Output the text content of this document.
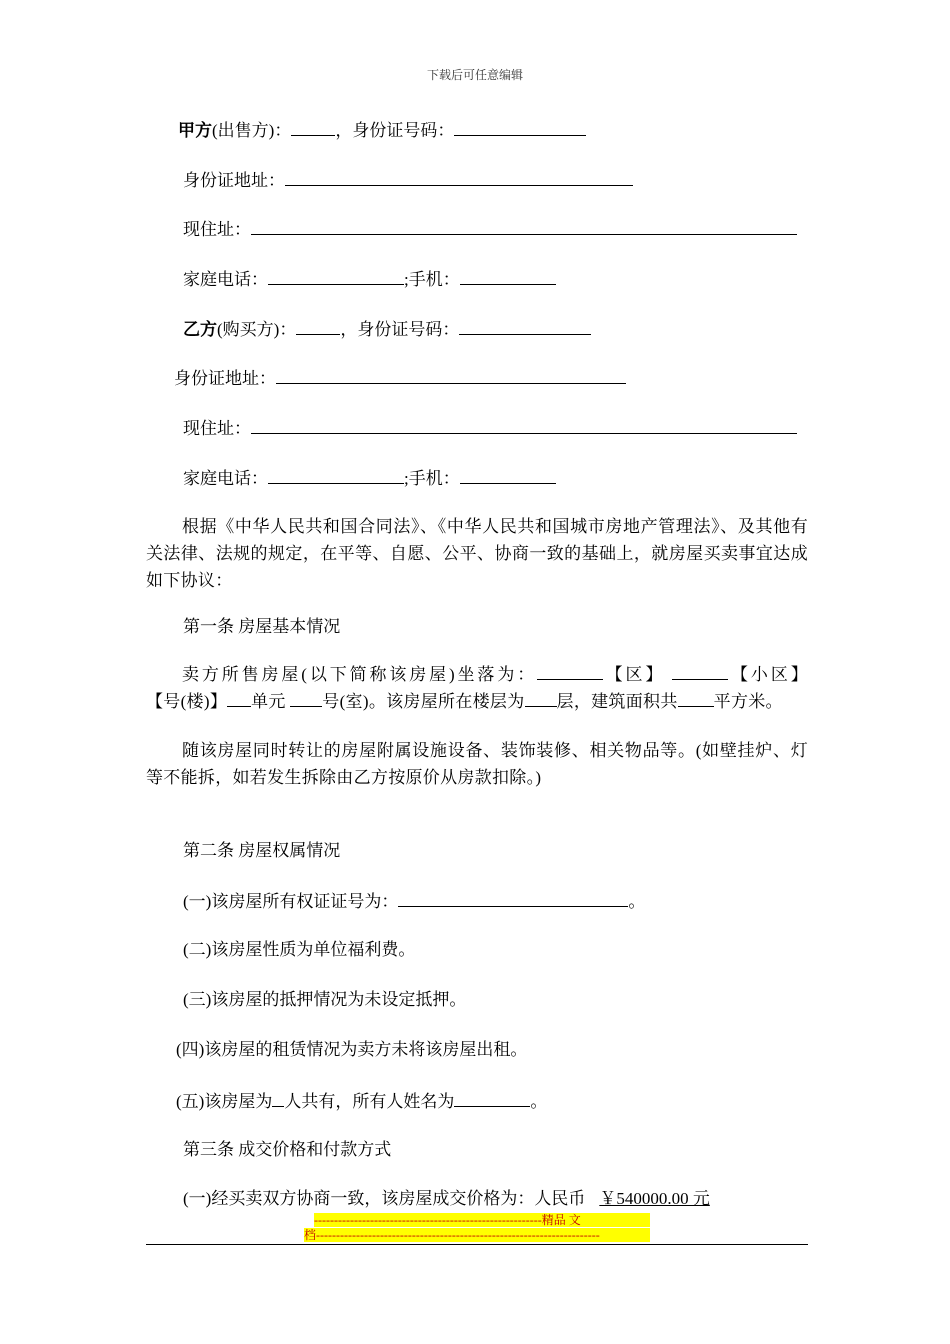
下载后可任意编辑
甲方(出售方)：	，身份证号码：
身份证地址：
现住址：
家庭电话：	;手机：
乙方(购买方)：	，身份证号码：
身份证地址：
现住址：
家庭电话：	;手机：
根据《中华人民共和国合同法》、《中华人民共和国城市房地产管理法》、及其他有关法律、法规的规定，在平等、自愿、公平、协商一致的基础上，就房屋买卖事宜达成如下协议：
第一条 房屋基本情况
卖方所售房屋(以下简称该房屋)坐落为：	【区】	【小区】【号(楼)】 单元 号(室)。该房屋所在楼层为 层，建筑面积共 平方米。
随该房屋同时转让的房屋附属设施设备、装饰装修、相关物品等。(如壁挂炉、灯等不能拆，如若发生拆除由乙方按原价从房款扣除。)
第二条 房屋权属情况
(一)该房屋所有权证证号为：	。
(二)该房屋性质为单位福利费。
(三)该房屋的抵押情况为未设定抵押。
(四)该房屋的租赁情况为卖方未将该房屋出租。
(五)该房屋为 人共有，所有人姓名为	。
第三条 成交价格和付款方式
(一)经买卖双方协商一致，该房屋成交价格为：人民币 ￥540000.00 元
---------------------------------------------------------精品 文
档-----------------------------------------------------------------------
